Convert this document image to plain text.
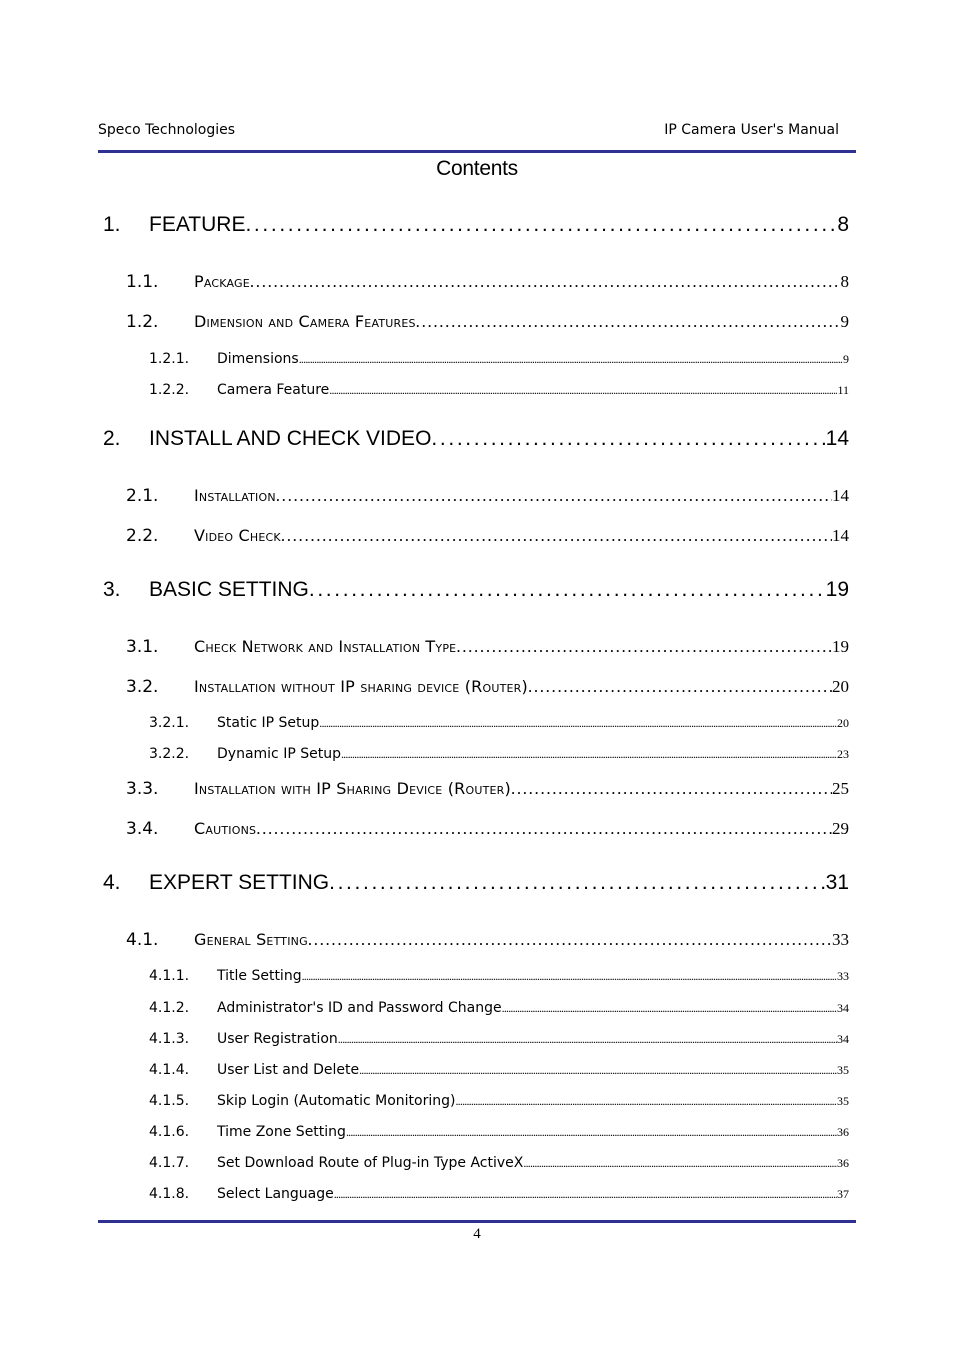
Speco Technologies	IP Camera User's Manual
Contents
1.	FEATURE . . .	8
1.1.	Package . . .	8
1.2.	Dimension and Camera Features . . .	9
1.2.1.	Dimensions . . .	9
1.2.2.	Camera Feature . . .	11
2.	INSTALL AND CHECK VIDEO . . .	14
2.1.	Installation . . .	14
2.2.	Video Check . . .	14
3.	BASIC SETTING . . .	19
3.1.	Check Network and Installation Type . . .	19
3.2.	Installation without IP sharing device (Router) . . .	20
3.2.1.	Static IP Setup . . .	20
3.2.2.	Dynamic IP Setup . . .	23
3.3.	Installation with IP Sharing Device (Router) . . .	25
3.4.	Cautions . . .	29
4.	EXPERT SETTING . . .	31
4.1.	General Setting . . .	33
4.1.1.	Title Setting . . .	33
4.1.2.	Administrator's ID and Password Change . . .	34
4.1.3.	User Registration . . .	34
4.1.4.	User List and Delete . . .	35
4.1.5.	Skip Login (Automatic Monitoring) . . .	35
4.1.6.	Time Zone Setting . . .	36
4.1.7.	Set Download Route of Plug-in Type ActiveX . . .	36
4.1.8.	Select Language . . .	37
4
